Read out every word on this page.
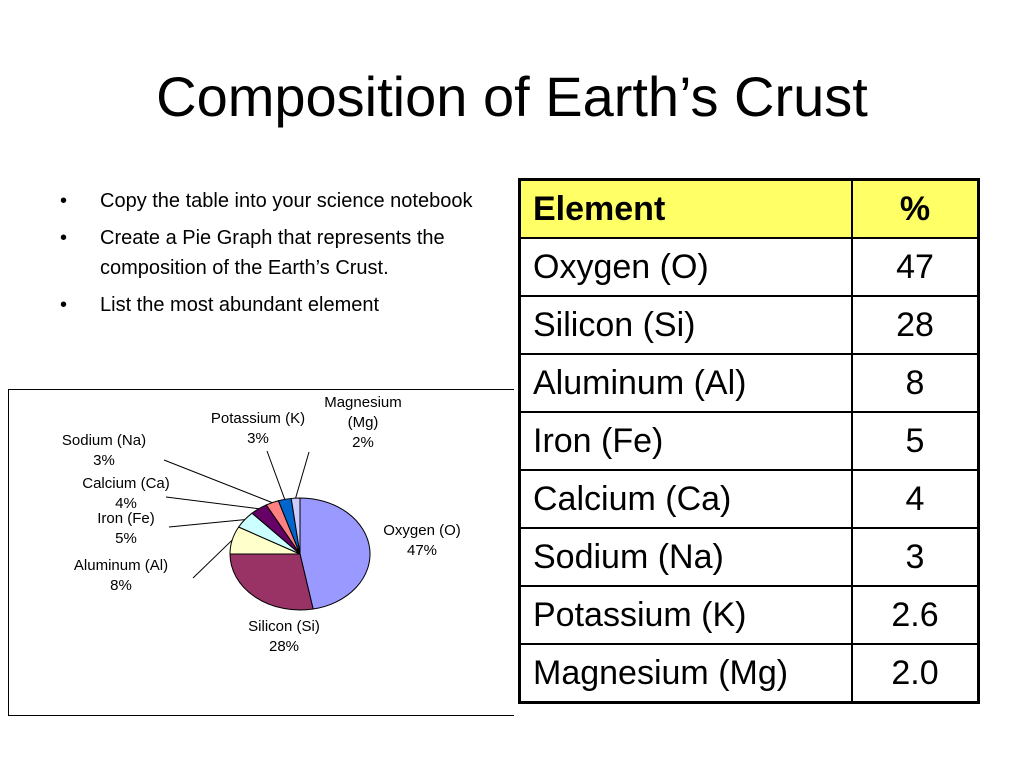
Composition of Earth’s Crust
• Copy the table into your science notebook
• Create a Pie Graph that represents the composition of the Earth’s Crust.
• List the most abundant element
Oxygen (O) 47%
Silicon (Si) 28%
Aluminum (Al) 8%
Iron (Fe) 5%
Calcium (Ca) 4%
Sodium (Na) 3%
Potassium (K) 3%
Magnesium (Mg) 2%
Element	%
Oxygen (O)	47
Silicon (Si)	28
Aluminum (Al)	8
Iron (Fe)	5
Calcium (Ca)	4
Sodium (Na)	3
Potassium (K)	2.6
Magnesium (Mg)	2.0
